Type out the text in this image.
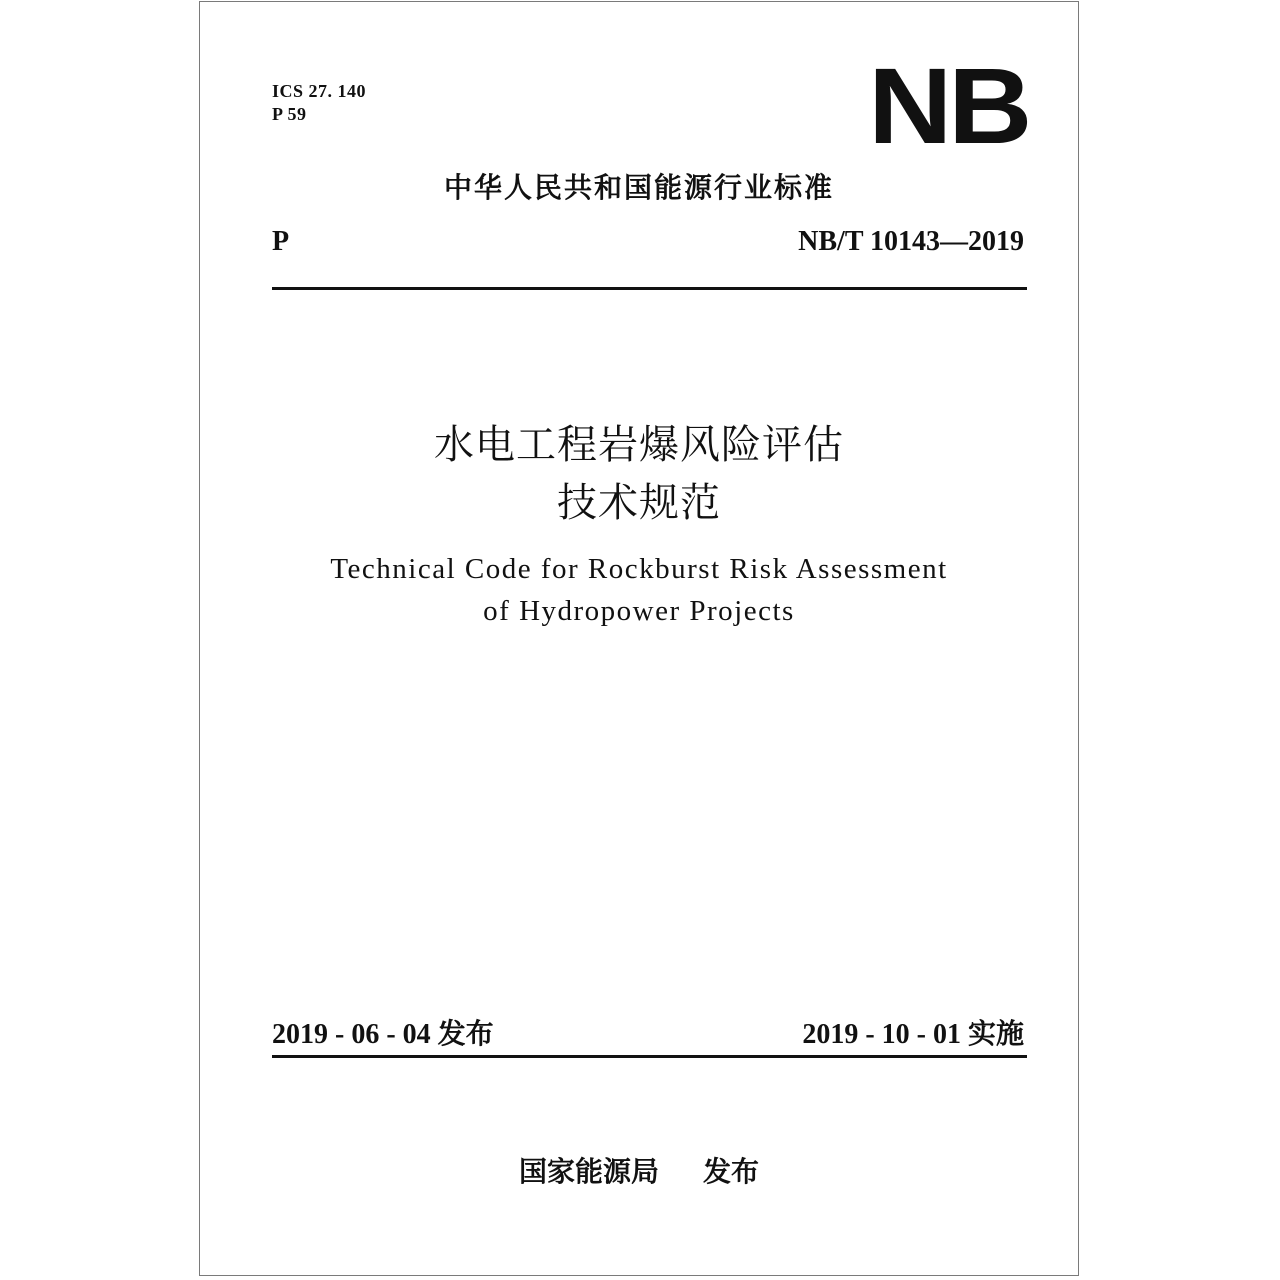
ICS 27. 140
P 59	NB
中华人民共和国能源行业标准
P	NB/T 10143—2019
水电工程岩爆风险评估
技术规范
Technical Code for Rockburst Risk Assessment
of Hydropower Projects
2019 - 06 - 04 发布	2019 - 10 - 01 实施
国家能源局 发布
